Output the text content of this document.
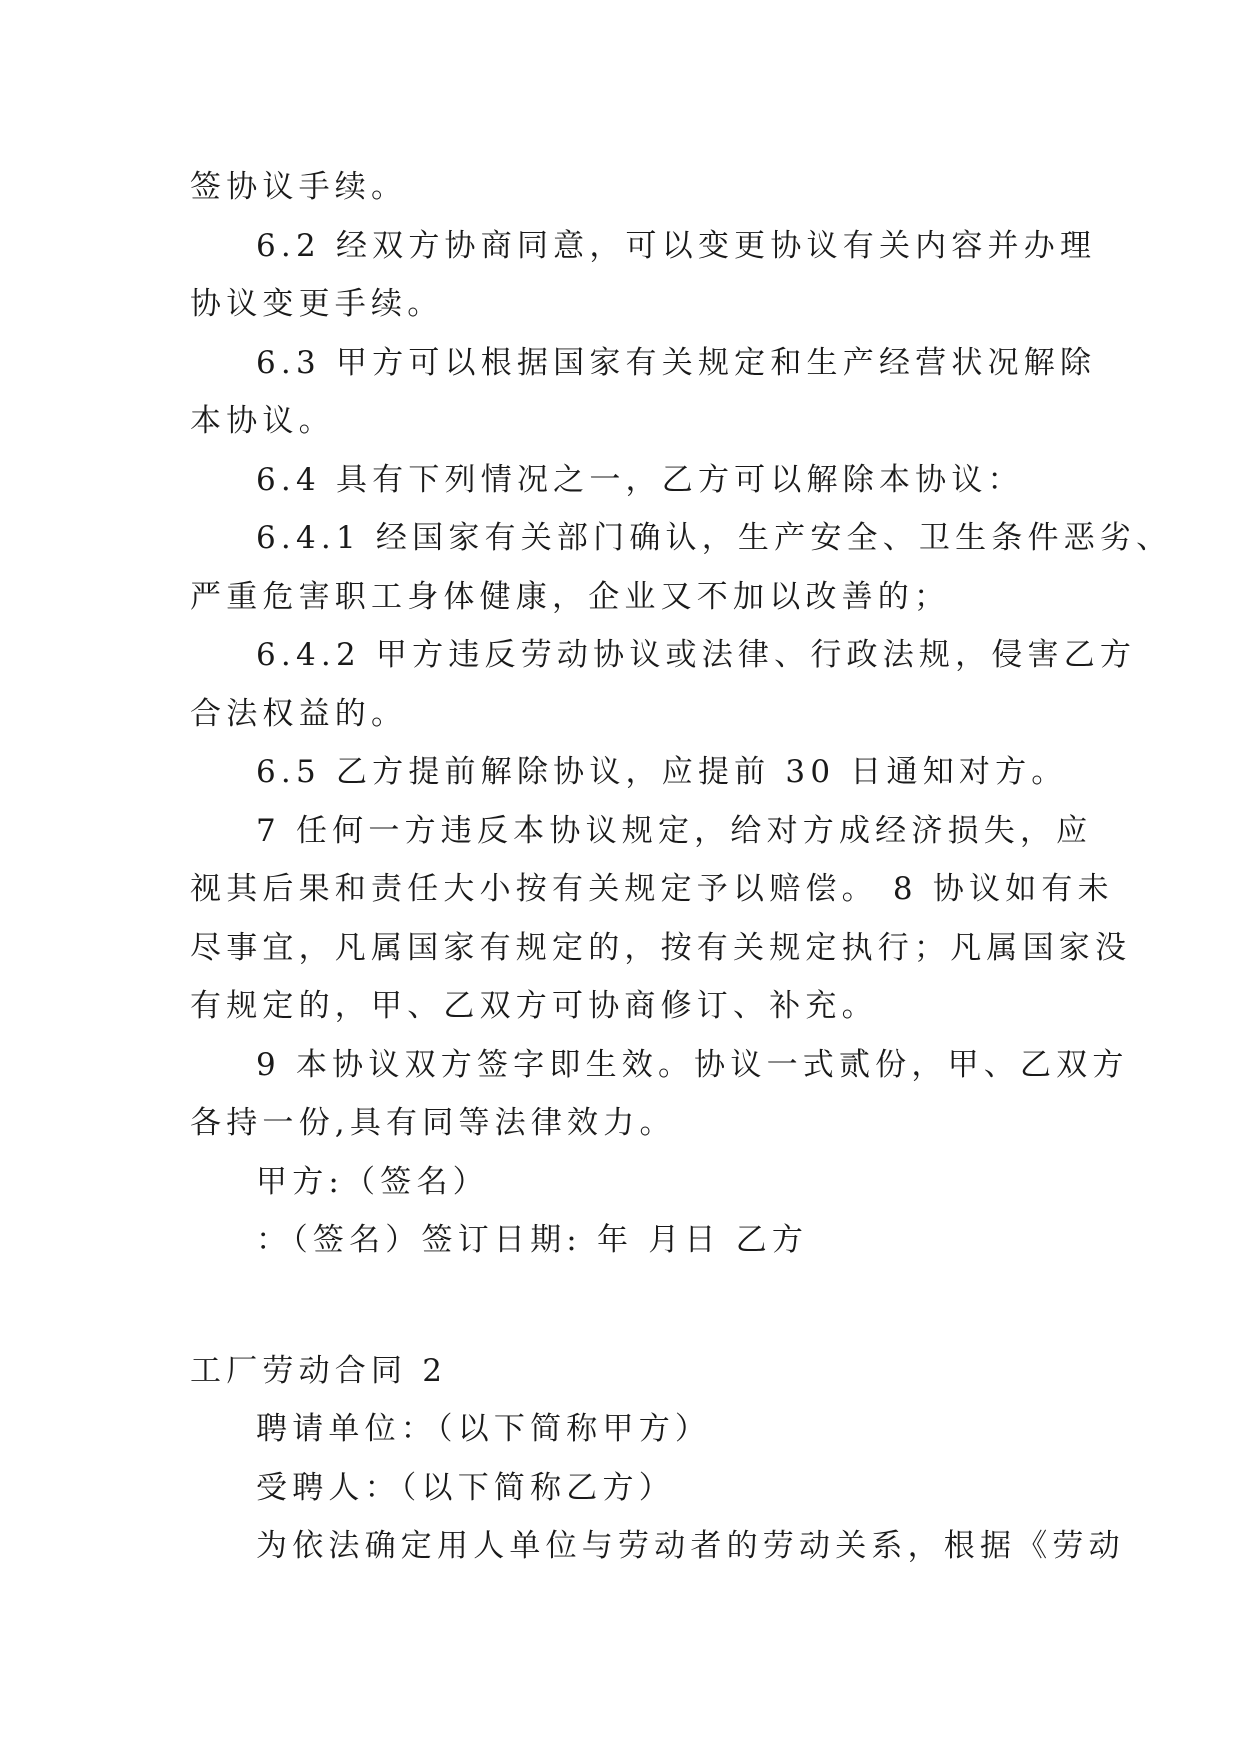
签协议手续。
6.2 经双方协商同意，可以变更协议有关内容并办理
协议变更手续。
6.3 甲方可以根据国家有关规定和生产经营状况解除
本协议。
6.4 具有下列情况之一，乙方可以解除本协议：
6.4.1 经国家有关部门确认，生产安全、卫生条件恶劣、
严重危害职工身体健康，企业又不加以改善的；
6.4.2 甲方违反劳动协议或法律、行政法规，侵害乙方
合法权益的。
6.5 乙方提前解除协议，应提前 30 日通知对方。
7 任何一方违反本协议规定，给对方成经济损失，应
视其后果和责任大小按有关规定予以赔偿。 8 协议如有未
尽事宜，凡属国家有规定的，按有关规定执行；凡属国家没
有规定的，甲、乙双方可协商修订、补充。
9 本协议双方签字即生效。协议一式贰份，甲、乙双方
各持一份,具有同等法律效力。
甲方:（签名）
：（签名）签订日期: 年 月日 乙方
工厂劳动合同 2
聘请单位：（以下简称甲方）
受聘人：（以下简称乙方）
为依法确定用人单位与劳动者的劳动关系，根据《劳动
